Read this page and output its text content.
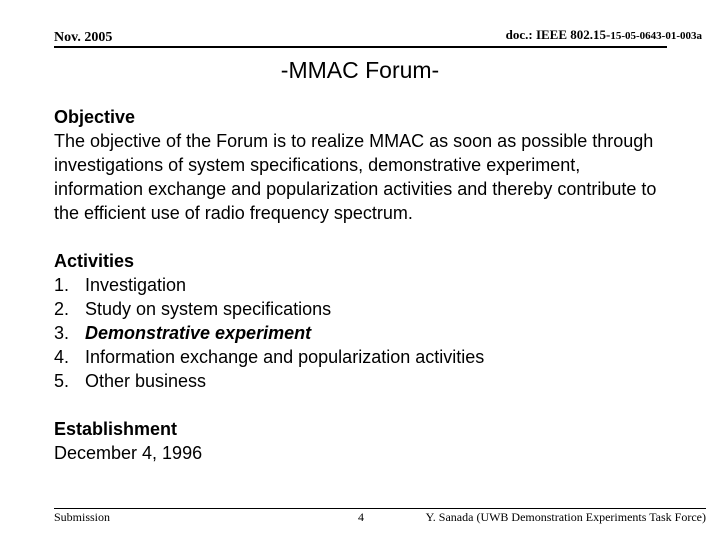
Nov. 2005	doc.: IEEE 802.15-15-05-0643-01-003a
-MMAC Forum-

Objective

The objective of the Forum is to realize MMAC as soon as possible through investigations of system specifications, demonstrative experiment, information exchange and popularization activities and thereby contribute to the efficient use of radio frequency spectrum.

Activities

1. Investigation
2. Study on system specifications
3. Demonstrative experiment
4. Information exchange and popularization activities
5. Other business

Establishment

December 4, 1996

Submission	4	Y. Sanada (UWB Demonstration Experiments Task Force)
